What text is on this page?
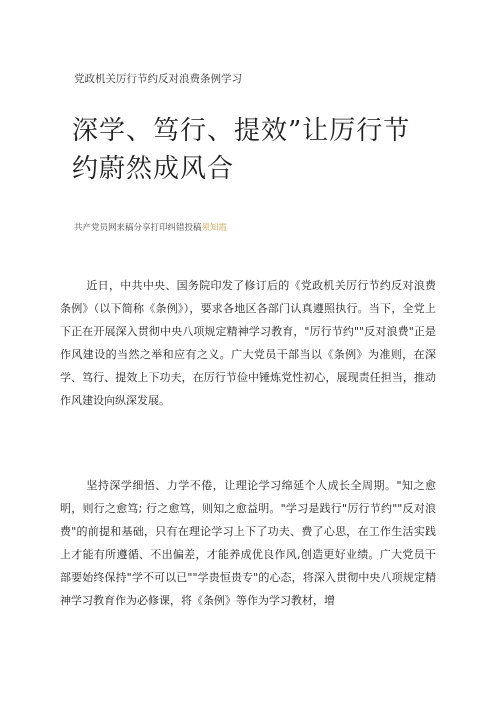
党政机关厉行节约反对浪费条例学习
深学、笃行、提效”让厉行节约蔚然成风合
共产党员网来稿分享打印纠错投稿须知霞

近日，中共中央、国务院印发了修订后的《党政机关厉行节约反对浪费条例》（以下简称《条例》），要求各地区各部门认真遵照执行。当下，全党上下正在开展深入贯彻中央八项规定精神学习教育，"厉行节约""反对浪费"正是作风建设的当然之举和应有之义。广大党员干部当以《条例》为准则，在深学、笃行、提效上下功夫，在厉行节俭中锤炼党性初心，展现责任担当，推动作风建设向纵深发展。

坚持深学细悟、力学不倦，让理论学习绵延个人成长全周期。"知之愈明，则行之愈笃; 行之愈笃，则知之愈益明。"学习是践行"厉行节约""反对浪费"的前提和基础，只有在理论学习上下了功夫、费了心思，在工作生活实践上才能有所遵循、不出偏差，才能养成优良作风,创造更好业绩。广大党员干部要始终保持"学不可以已""学贵恒贵专"的心态，将深入贯彻中央八项规定精神学习教育作为必修课，将《条例》等作为学习教材，增
